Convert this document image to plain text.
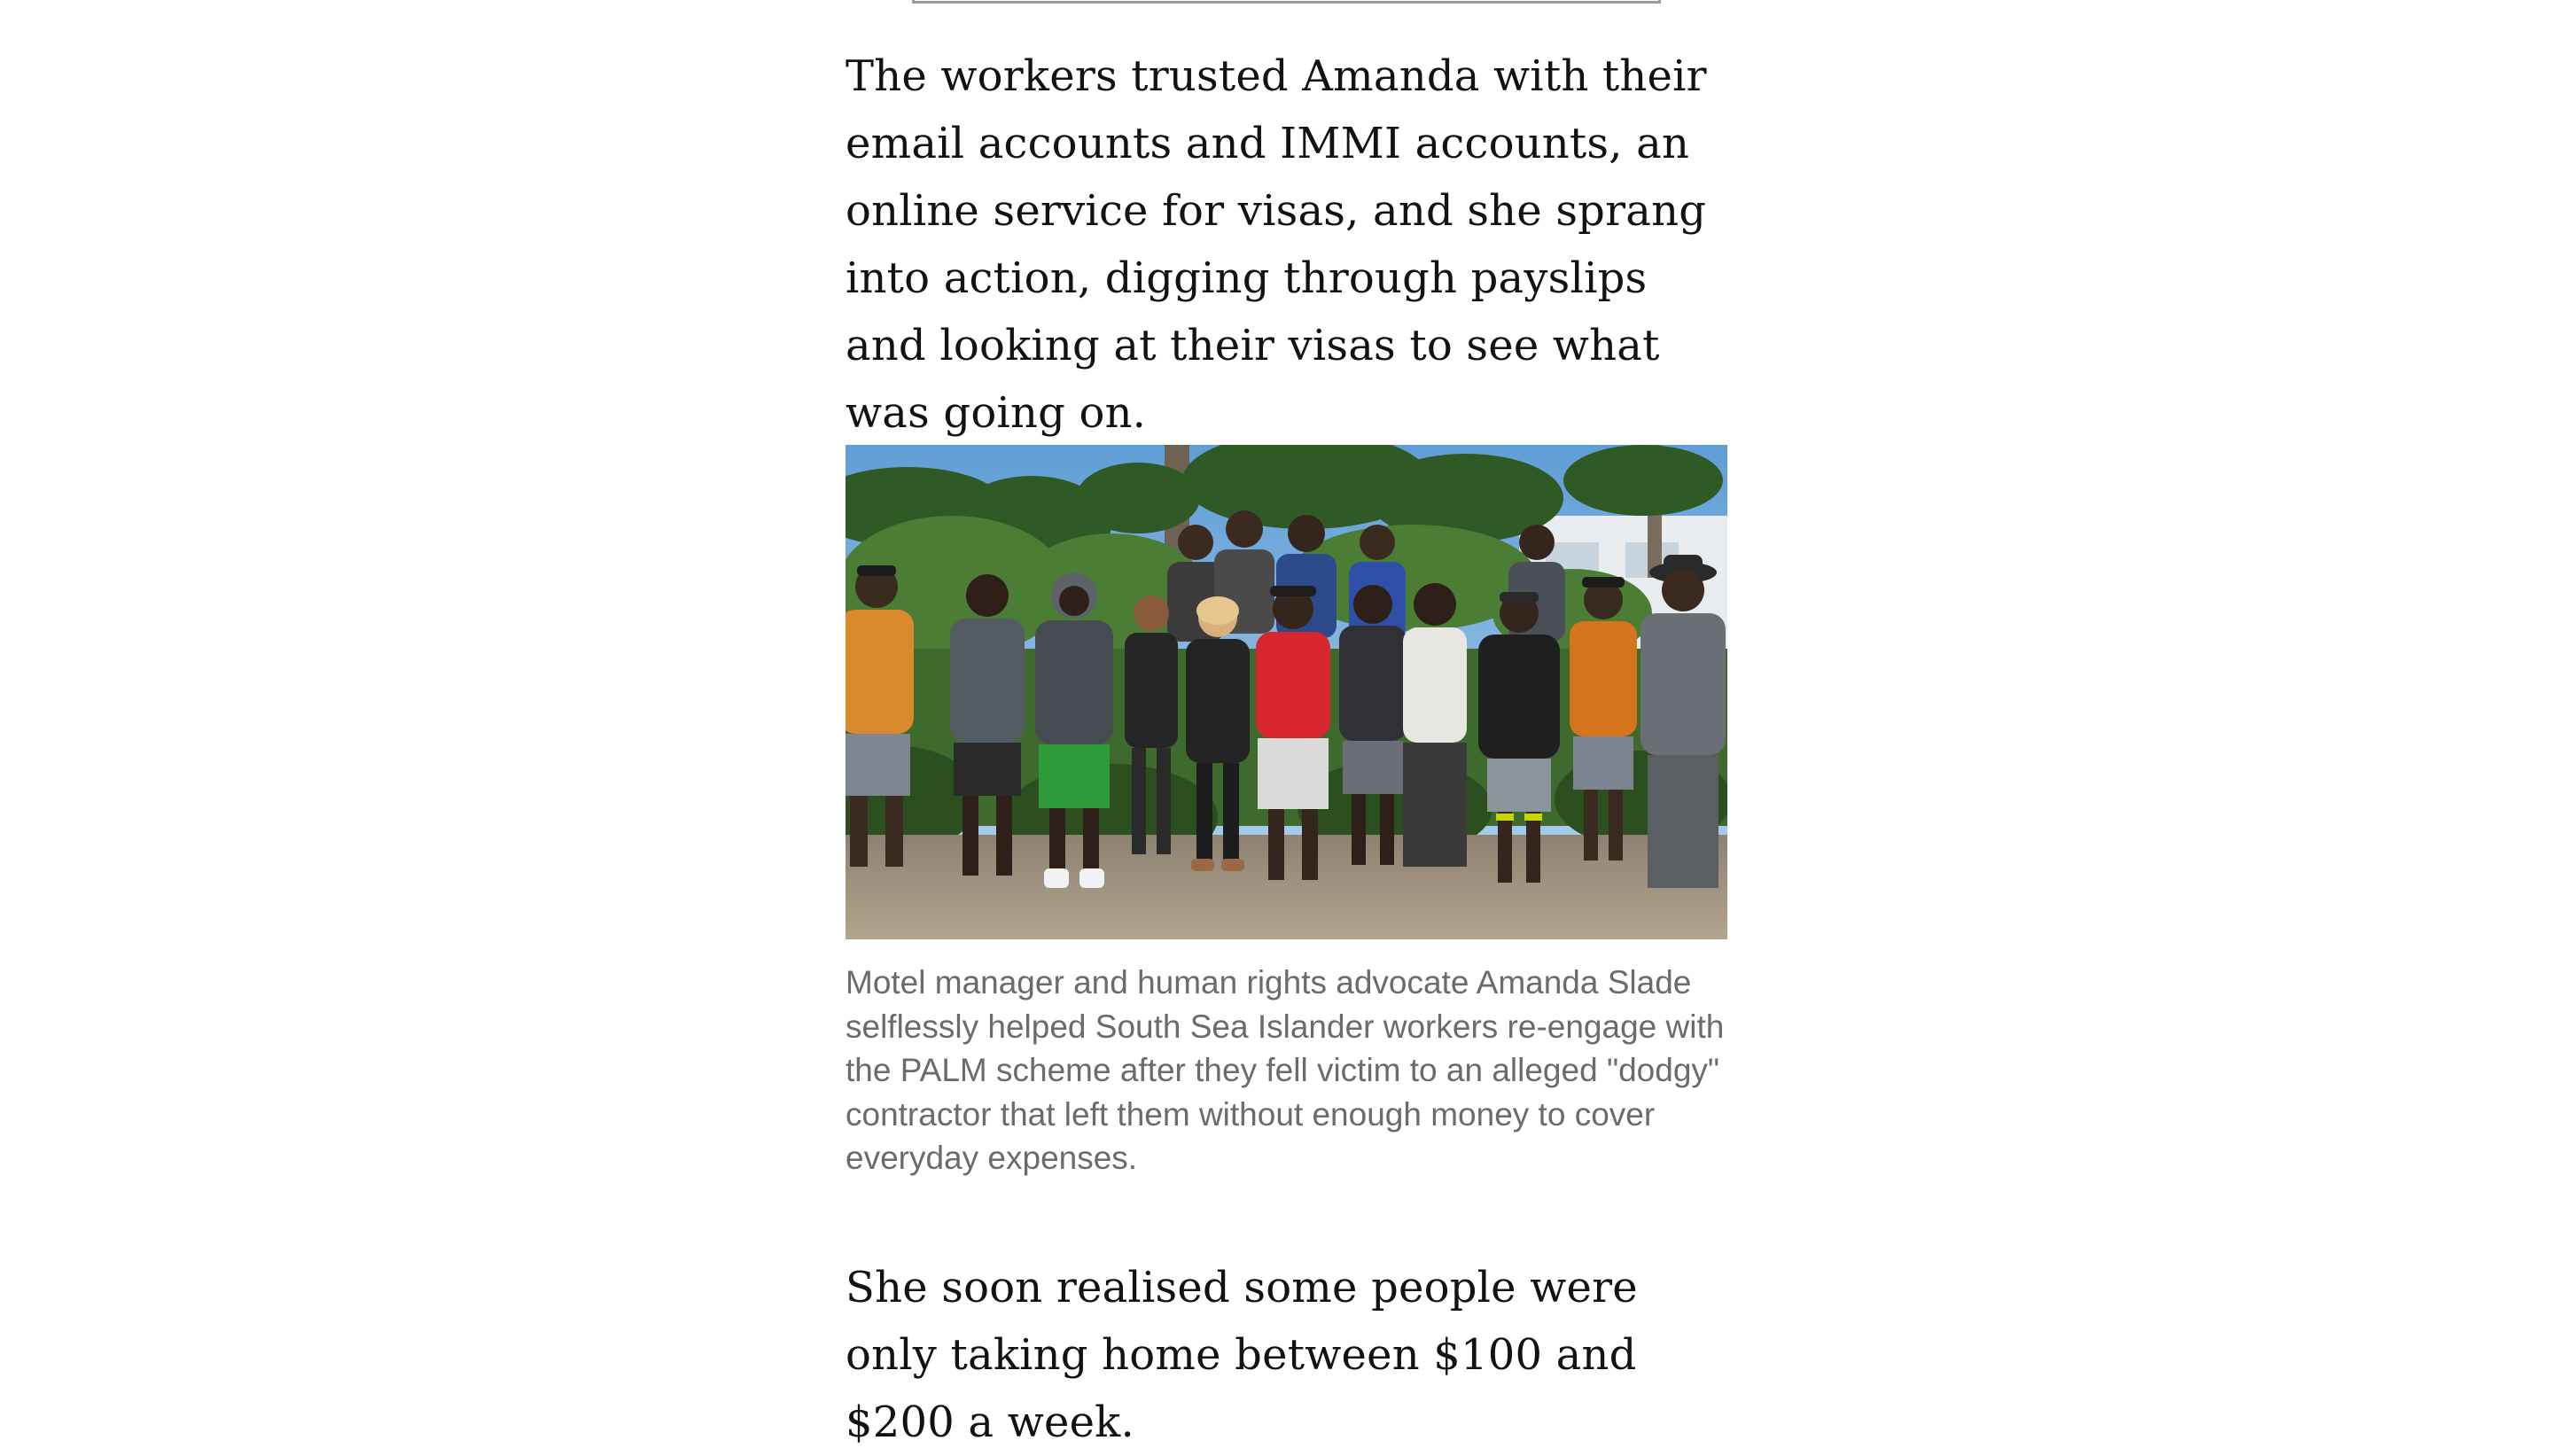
The workers trusted Amanda with their email accounts and IMMI accounts, an online service for visas, and she sprang into action, digging through payslips and looking at their visas to see what was going on.

Motel manager and human rights advocate Amanda Slade selflessly helped South Sea Islander workers re-engage with the PALM scheme after they fell victim to an alleged "dodgy" contractor that left them without enough money to cover everyday expenses.

She soon realised some people were only taking home between $100 and $200 a week.
